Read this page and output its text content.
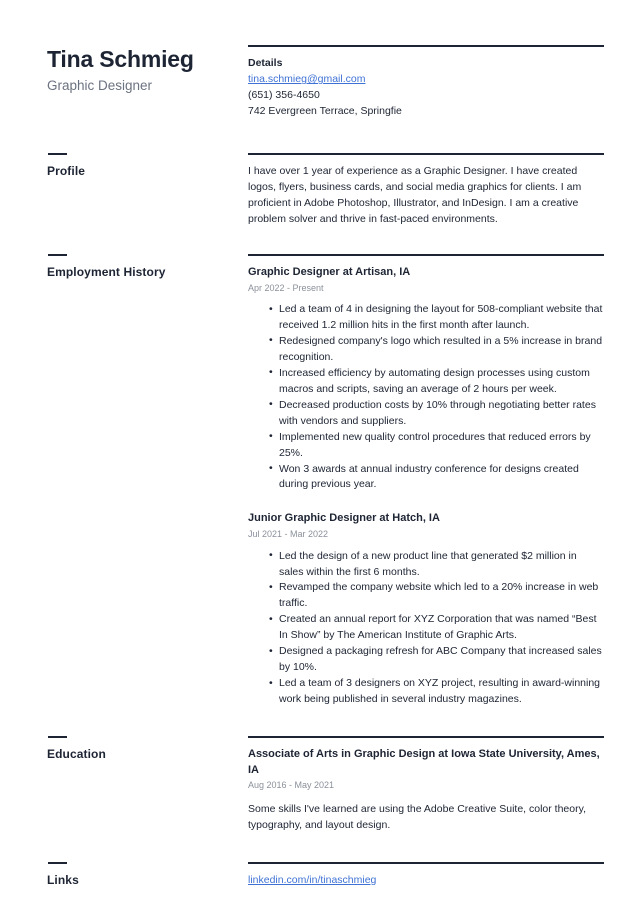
Tina Schmieg
Graphic Designer
Details
tina.schmieg@gmail.com
(651) 356-4650
742 Evergreen Terrace, Springfie
Profile	I have over 1 year of experience as a Graphic Designer. I have created logos, flyers, business cards, and social media graphics for clients. I am proficient in Adobe Photoshop, Illustrator, and InDesign. I am a creative problem solver and thrive in fast-paced environments.

Employment History	Graphic Designer at Artisan, IA
Apr 2022 - Present
• Led a team of 4 in designing the layout for 508-compliant website that received 1.2 million hits in the first month after launch.
• Redesigned company's logo which resulted in a 5% increase in brand recognition.
• Increased efficiency by automating design processes using custom macros and scripts, saving an average of 2 hours per week.
• Decreased production costs by 10% through negotiating better rates with vendors and suppliers.
• Implemented new quality control procedures that reduced errors by 25%.
• Won 3 awards at annual industry conference for designs created during previous year.
Junior Graphic Designer at Hatch, IA
Jul 2021 - Mar 2022
• Led the design of a new product line that generated $2 million in sales within the first 6 months.
• Revamped the company website which led to a 20% increase in web traffic.
• Created an annual report for XYZ Corporation that was named “Best In Show” by The American Institute of Graphic Arts.
• Designed a packaging refresh for ABC Company that increased sales by 10%.
• Led a team of 3 designers on XYZ project, resulting in award-winning work being published in several industry magazines.
Education	Associate of Arts in Graphic Design at Iowa State University, Ames, IA
Aug 2016 - May 2021

Some skills I've learned are using the Adobe Creative Suite, color theory, typography, and layout design.

Links	linkedin.com/in/tinaschmieg
